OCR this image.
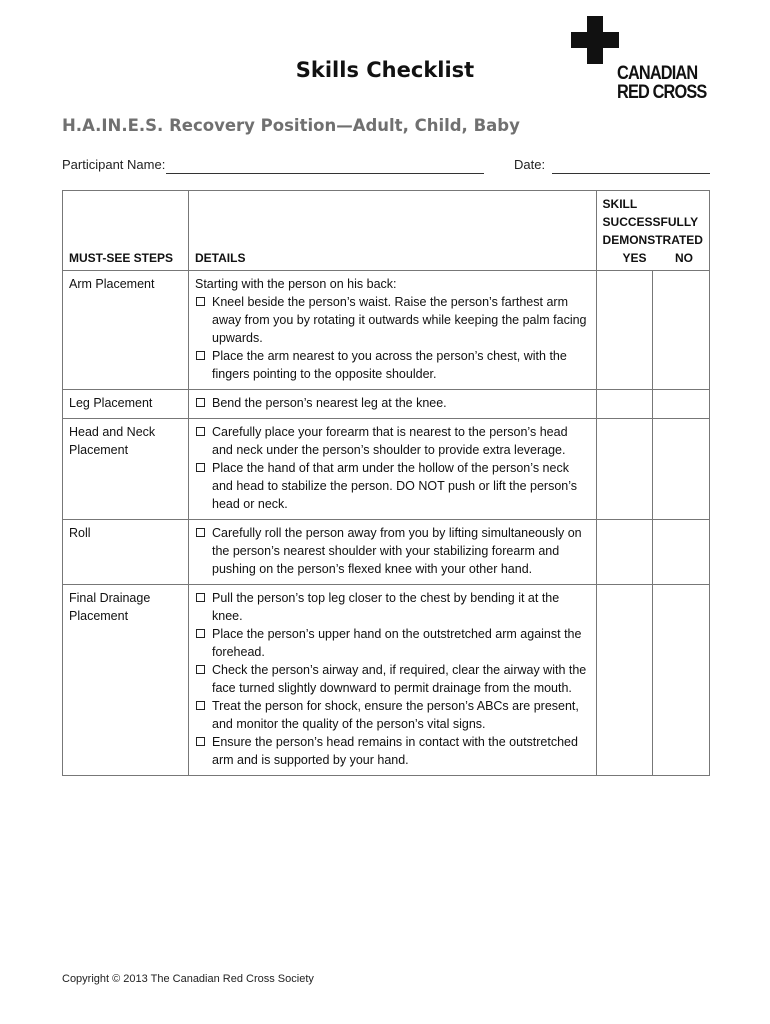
CANADIAN
RED CROSS
Skills Checklist
H.A.IN.E.S. Recovery Position—Adult, Child, Baby
Participant Name:	Date:
MUST-SEE STEPS	DETAILS	SKILL SUCCESSFULLY
DEMONSTRATED
YES NO	

Arm Placement	Starting with the person on his back:
Kneel beside the person’s waist. Raise the person’s farthest arm away from you by rotating it outwards while keeping the palm facing upwards.
Place the arm nearest to you across the person’s chest, with the fingers pointing to the opposite shoulder.		

Leg Placement	Bend the person’s nearest leg at the knee.		

Head and Neck Placement	Carefully place your forearm that is nearest to the person’s head and neck under the person’s shoulder to provide extra leverage.
Place the hand of that arm under the hollow of the person’s neck and head to stabilize the person. DO NOT push or lift the person’s head or neck.		

Roll	Carefully roll the person away from you by lifting simultaneously on the person’s nearest shoulder with your stabilizing forearm and pushing on the person’s flexed knee with your other hand.		

Final Drainage Placement	Pull the person’s top leg closer to the chest by bending it at the knee.
Place the person’s upper hand on the outstretched arm against the forehead.
Check the person’s airway and, if required, clear the airway with the face turned slightly downward to permit drainage from the mouth.
Treat the person for shock, ensure the person’s ABCs are present, and monitor the quality of the person’s vital signs.
Ensure the person’s head remains in contact with the outstretched arm and is supported by your hand.		

Copyright © 2013 The Canadian Red Cross Society
